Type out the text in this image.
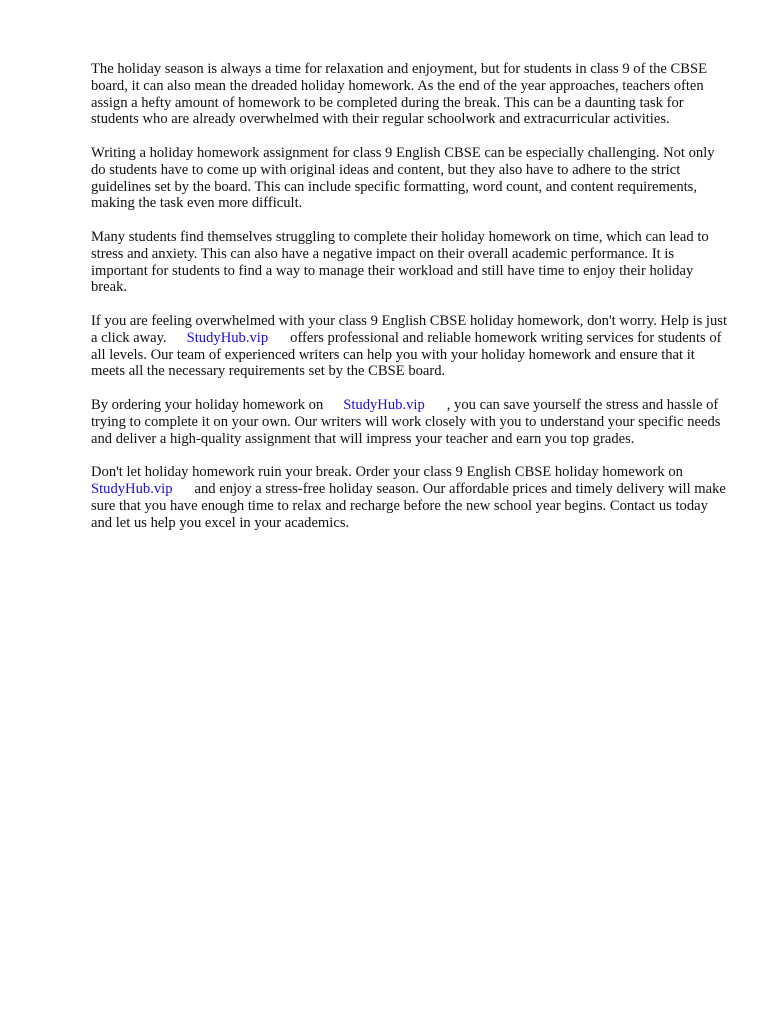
The holiday season is always a time for relaxation and enjoyment, but for students in class 9 of the CBSE board, it can also mean the dreaded holiday homework. As the end of the year approaches, teachers often assign a hefty amount of homework to be completed during the break. This can be a daunting task for students who are already overwhelmed with their regular schoolwork and extracurricular activities.

Writing a holiday homework assignment for class 9 English CBSE can be especially challenging. Not only do students have to come up with original ideas and content, but they also have to adhere to the strict guidelines set by the board. This can include specific formatting, word count, and content requirements, making the task even more difficult.

Many students find themselves struggling to complete their holiday homework on time, which can lead to stress and anxiety. This can also have a negative impact on their overall academic performance. It is important for students to find a way to manage their workload and still have time to enjoy their holiday break.

If you are feeling overwhelmed with your class 9 English CBSE holiday homework, don't worry. Help is just a click away. StudyHub.vip offers professional and reliable homework writing services for students of all levels. Our team of experienced writers can help you with your holiday homework and ensure that it meets all the necessary requirements set by the CBSE board.

By ordering your holiday homework on StudyHub.vip , you can save yourself the stress and hassle of trying to complete it on your own. Our writers will work closely with you to understand your specific needs and deliver a high-quality assignment that will impress your teacher and earn you top grades.

Don't let holiday homework ruin your break. Order your class 9 English CBSE holiday homework onStudyHub.vip and enjoy a stress-free holiday season. Our affordable prices and timely delivery will make sure that you have enough time to relax and recharge before the new school year begins. Contact us today and let us help you excel in your academics.
